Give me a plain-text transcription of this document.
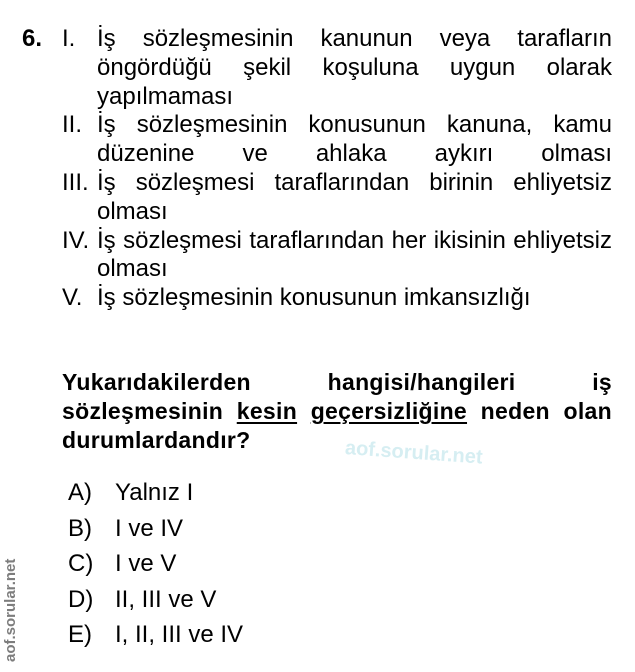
6. I. İş sözleşmesinin kanunun veya tarafların öngördüğü şekil koşuluna uygun olarak yapılmaması
II. İş sözleşmesinin konusunun kanuna, kamu düzenine ve ahlaka aykırı olması
III. İş sözleşmesi taraflarından birinin ehliyetsiz olması
IV. İş sözleşmesi taraflarından her ikisinin ehliyetsiz olması
V. İş sözleşmesinin konusunun imkansızlığı
Yukarıdakilerden hangisi/hangileri iş sözleşmesinin kesin geçersizliğine neden olan durumlardandır?	aof.sorular.net
A) Yalnız I
B) I ve IV
C) I ve V
D) II, III ve V
E) I, II, III ve IV
aof.sorular.net
